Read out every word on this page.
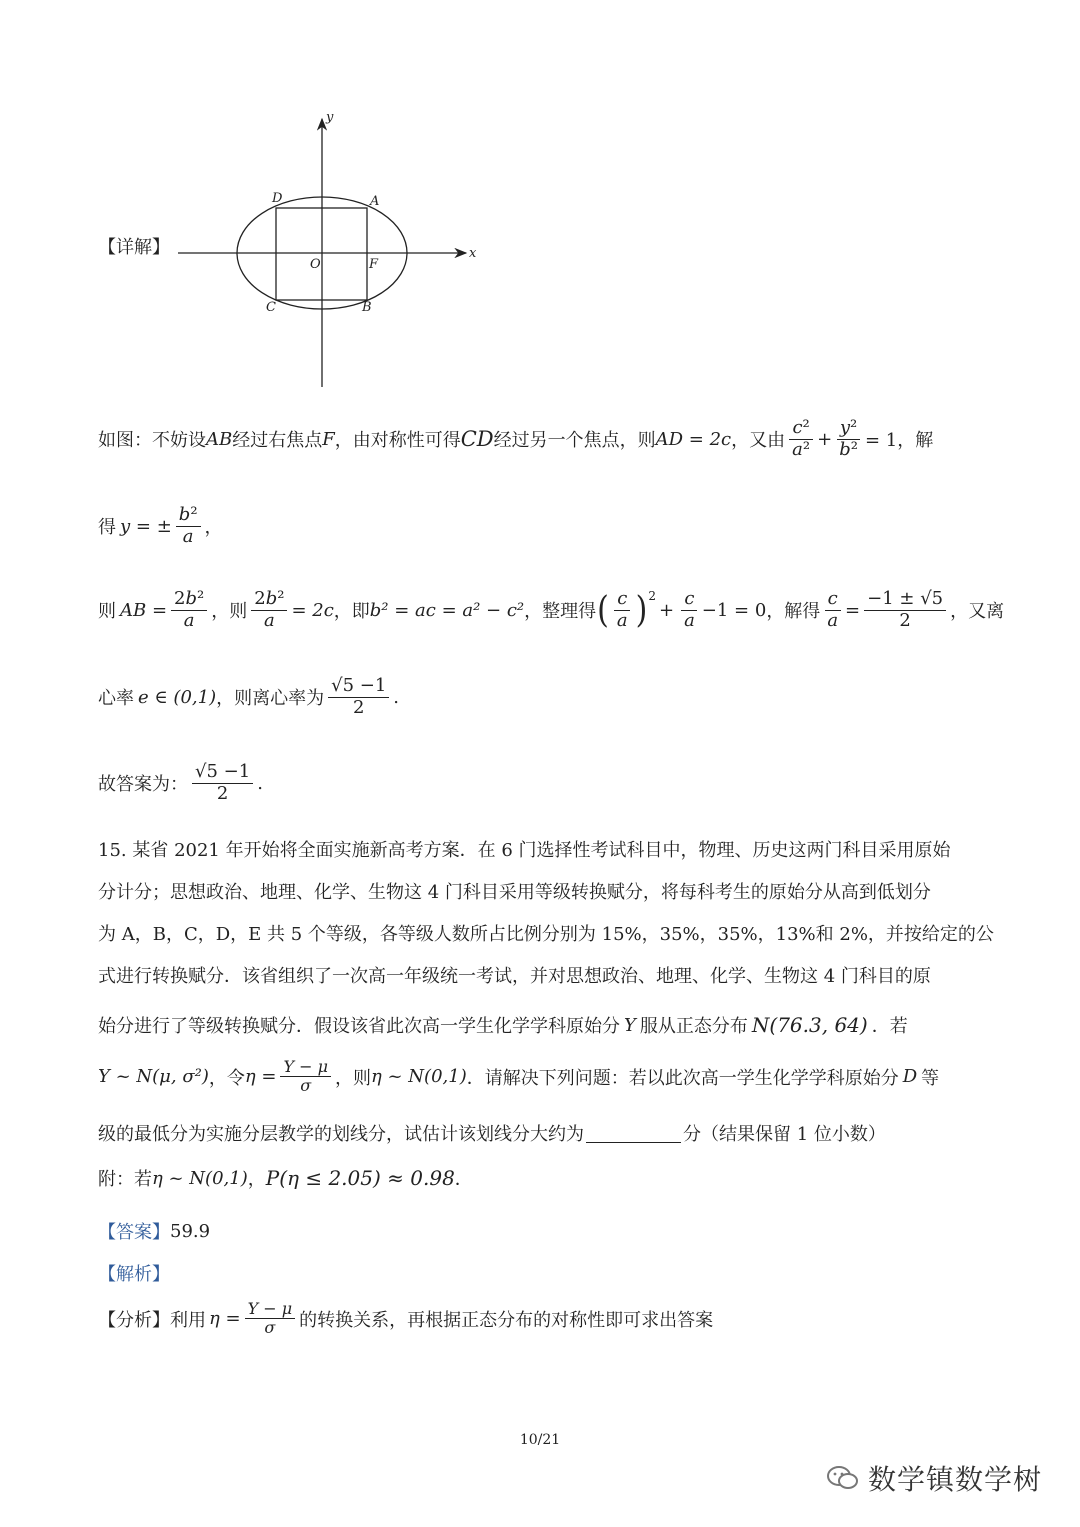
y
x
D	A
O	F
C	B
【详解】
如图：不妨设 AB 经过右焦点 F ，由对称性可得 CD 经过另一个焦点，则 AD = 2c ，又由 $\frac{\text{c²}}{\text{a²}} + \frac{\text{y²}}{\text{b²}} = 1$，解
得 y = ± $\frac{\text{b²}}{a}$ ，
则 AB = $\frac{\text{2b²}}{a}$ ，则 $\frac{\text{2b²}}{a} = 2c$ ，即 b² = ac = a² − c² ，整理得 ( $\frac{c}{a} )^2$
+ $\frac{c}{a} -1 = 0$ ，解得 $\frac{c}{a} = \frac{-1 \pm √5}{2}$ ，又离
心率 e ∈ (0,1) ，则离心率为 $\frac{√5 -1}{2}$ .
故答案为： $\frac{√5 -1}{2}$ .
15. 某省 2021 年开始将全面实施新高考方案．在 6 门选择性考试科目中，物理、历史这两门科目采用原始
分计分；思想政治、地理、化学、生物这 4 门科目采用等级转换赋分，将每科考生的原始分从高到低划分
为 A，B，C，D，E 共 5 个等级，各等级人数所占比例分别为 15%，35%，35%，13%和 2%，并按给定的公
式进行转换赋分．该省组织了一次高一年级统一考试，并对思想政治、地理、化学、生物这 4 门科目的原
始分进行了等级转换赋分．假设该省此次高一学生化学学科原始分 Y 服从正态分布 N(76.3, 64) ．若
Y ~ N(μ, σ²) ，令 $\eta = \frac{Y - \mu}{\sigma}$ ，则 η ~ N(0,1) ．请解决下列问题：若以此次高一学生化学学科原始分 D 等
级的最低分为实施分层教学的划线分，试估计该划线分大约为	分（结果保留 1 位小数）
附：若 η ~ N(0,1) ， P(η ≤ 2.05) ≈ 0.98 ．
【答案】 59.9
【解析】
【分析】 利用 $\eta = \frac{Y - \mu}{\sigma}$ 的转换关系，再根据正态分布的对称性即可求出答案
10/21
数学镇数学树
